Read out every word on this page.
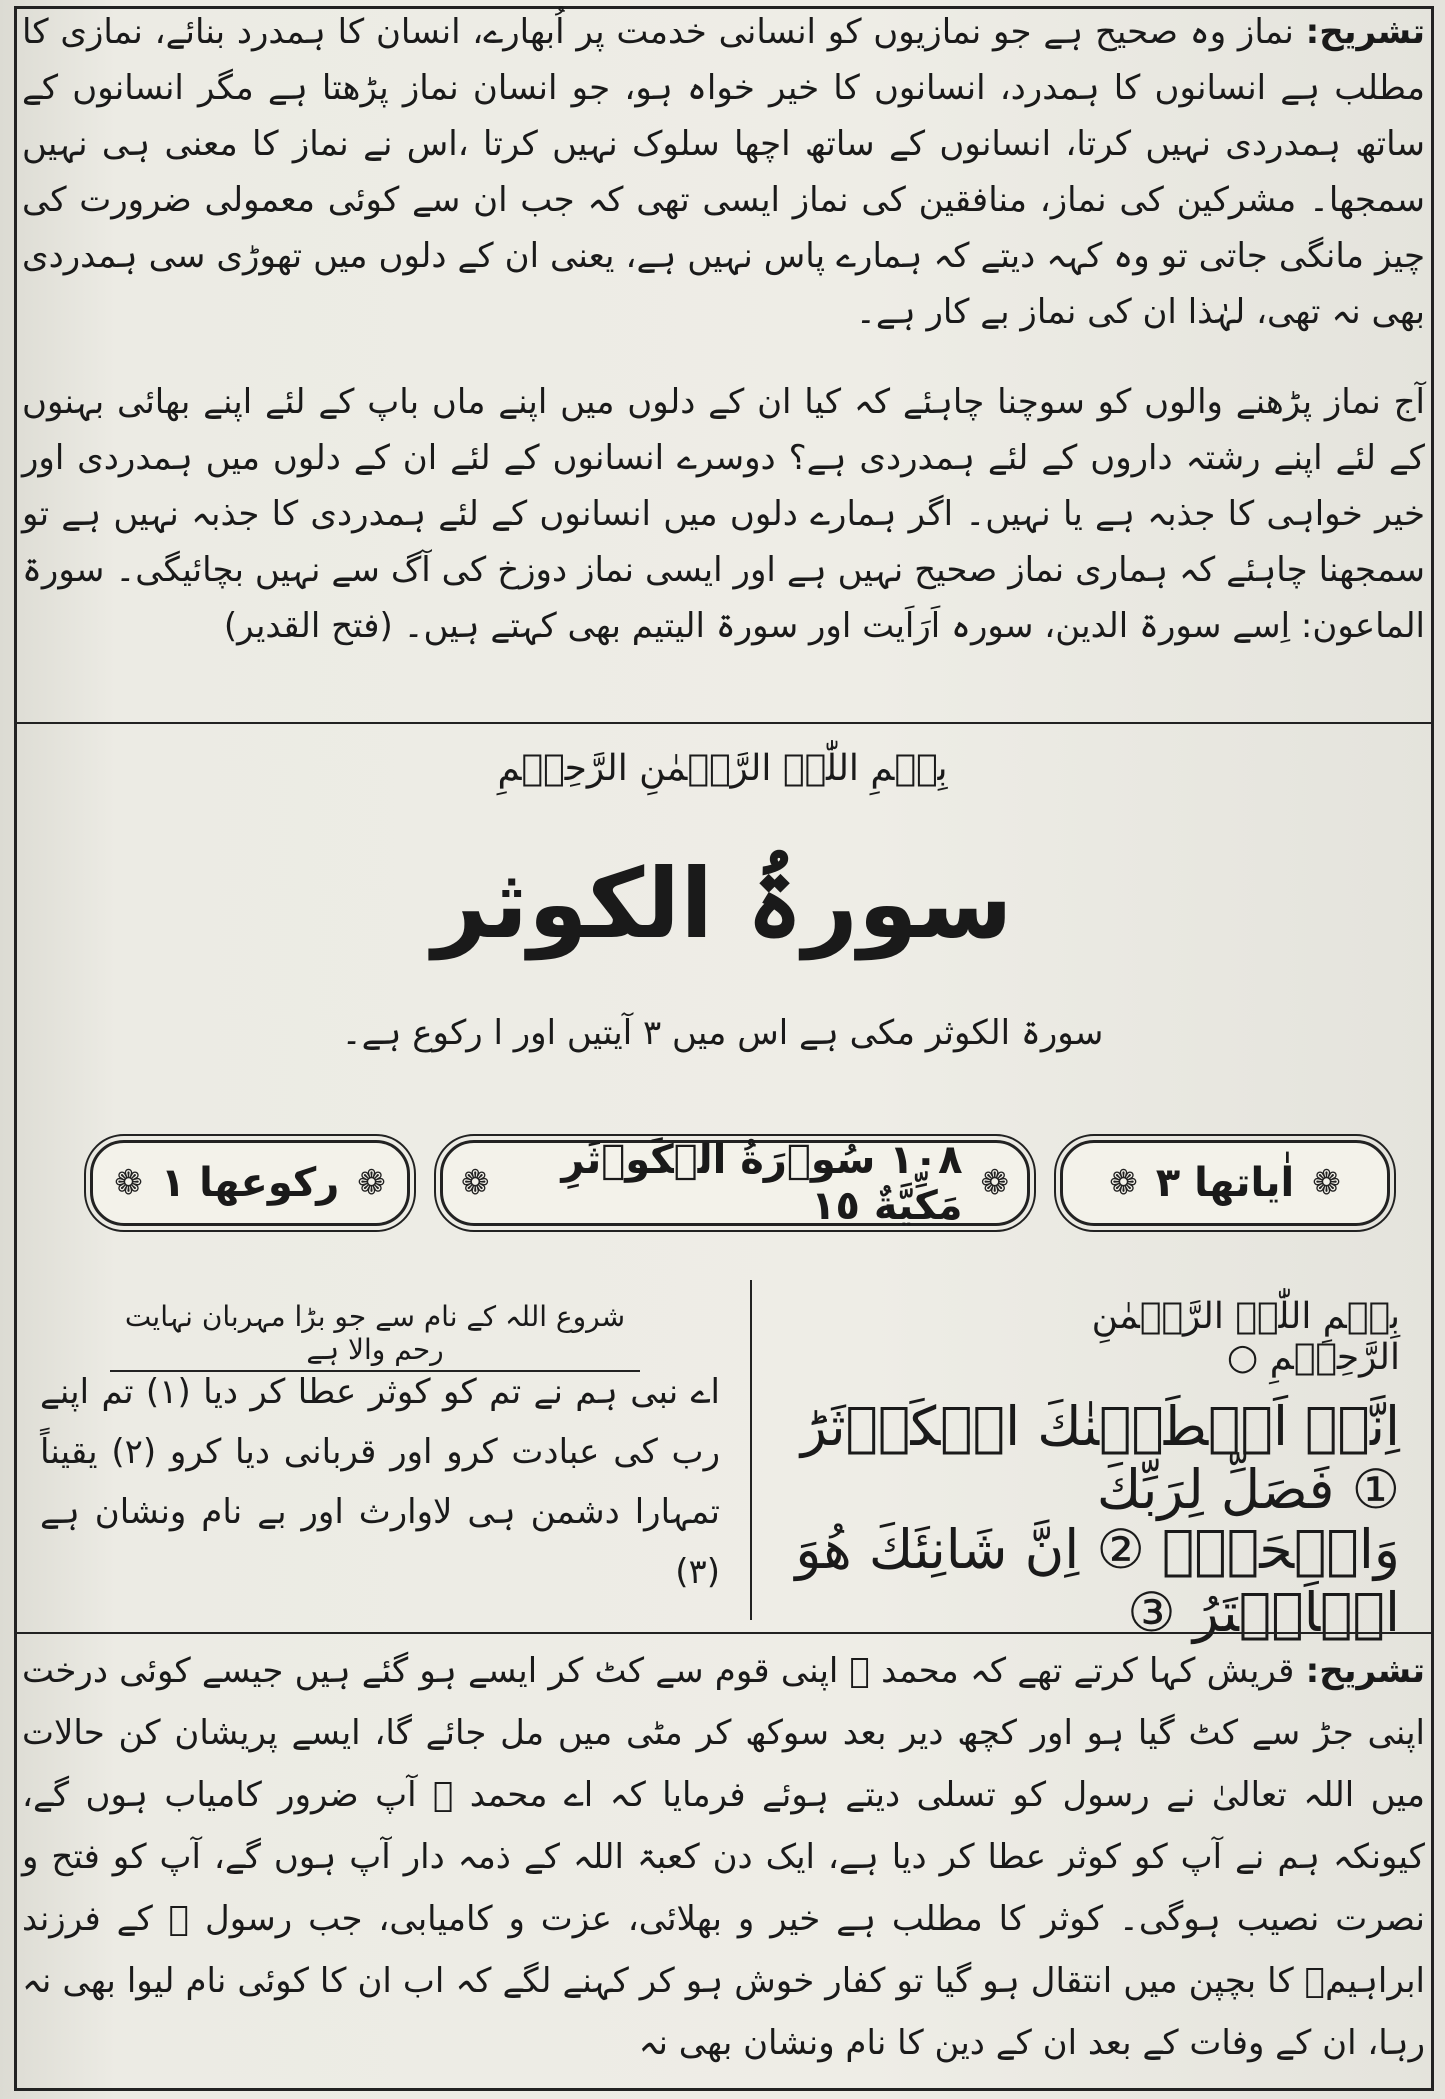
تشریح: نماز وہ صحیح ہے جو نمازیوں کو انسانی خدمت پر اُبھارے، انسان کا ہمدرد بنائے، نمازی کا مطلب ہے انسانوں کا ہمدرد، انسانوں کا خیر خواہ ہو، جو انسان نماز پڑھتا ہے مگر انسانوں کے ساتھ ہمدردی نہیں کرتا، انسانوں کے ساتھ اچھا سلوک نہیں کرتا ،اس نے نماز کا معنی ہی نہیں سمجھا۔ مشرکین کی نماز، منافقین کی نماز ایسی تھی کہ جب ان سے کوئی معمولی ضرورت کی چیز مانگی جاتی تو وہ کہہ دیتے کہ ہمارے پاس نہیں ہے، یعنی ان کے دلوں میں تھوڑی سی ہمدردی بھی نہ تھی، لہٰذا ان کی نماز بے کار ہے۔
آج نماز پڑھنے والوں کو سوچنا چاہئے کہ کیا ان کے دلوں میں اپنے ماں باپ کے لئے اپنے بھائی بہنوں کے لئے اپنے رشتہ داروں کے لئے ہمدردی ہے؟ دوسرے انسانوں کے لئے ان کے دلوں میں ہمدردی اور خیر خواہی کا جذبہ ہے یا نہیں۔ اگر ہمارے دلوں میں انسانوں کے لئے ہمدردی کا جذبہ نہیں ہے تو سمجھنا چاہئے کہ ہماری نماز صحیح نہیں ہے اور ایسی نماز دوزخ کی آگ سے نہیں بچائیگی۔ سورۃ الماعون: اِسے سورۃ الدین، سورہ اَرَاَیت اور سورۃ الیتیم بھی کہتے ہیں۔ (فتح القدیر)
بِسۡمِ اللّٰہِ الرَّحۡمٰنِ الرَّحِیۡمِ
سورۃُ الکوثر
سورۃ الکوثر مکی ہے اس میں ۳ آیتیں اور ا رکوع ہے۔
❁ اٰیاتها ٣ ❁
❁	١٠٨ سُوۡرَةُ الۡكَوۡثَرِ مَكِّيَّةٌ ١٥ ❁
❁ ركوعها ١ ❁
بِسۡمِ اللّٰہِ الرَّحۡمٰنِ الرَّحِیۡمِ ○
اِنَّاۤ اَعۡطَيۡنٰكَ الۡكَوۡثَرَؕ ① فَصَلِّ لِرَبِّكَ
وَانۡحَرۡؕ ② اِنَّ شَانِئَكَ هُوَ الۡاَبۡتَرُ ③
شروع اللہ کے نام سے جو بڑا مہربان نہایت رحم والا ہے
اے نبی ہم نے تم کو کوثر عطا کر دیا (۱) تم اپنے رب کی عبادت کرو اور قربانی دیا کرو (۲) یقیناً تمہارا دشمن ہی لاوارث اور بے نام ونشان ہے (۳)
تشریح: قریش کہا کرتے تھے کہ محمد ﷺ اپنی قوم سے کٹ کر ایسے ہو گئے ہیں جیسے کوئی درخت اپنی جڑ سے کٹ گیا ہو اور کچھ دیر بعد سوکھ کر مٹی میں مل جائے گا، ایسے پریشان کن حالات میں اللہ تعالیٰ نے رسول کو تسلی دیتے ہوئے فرمایا کہ اے محمد ﷺ آپ ضرور کامیاب ہوں گے، کیونکہ ہم نے آپ کو کوثر عطا کر دیا ہے، ایک دن کعبۃ اللہ کے ذمہ دار آپ ہوں گے، آپ کو فتح و نصرت نصیب ہوگی۔ کوثر کا مطلب ہے خیر و بھلائی، عزت و کامیابی، جب رسول ﷺ کے فرزند ابراہیمؓ کا بچپن میں انتقال ہو گیا تو کفار خوش ہو کر کہنے لگے کہ اب ان کا کوئی نام لیوا بھی نہ رہا، ان کے وفات کے بعد ان کے دین کا نام ونشان بھی نہ
